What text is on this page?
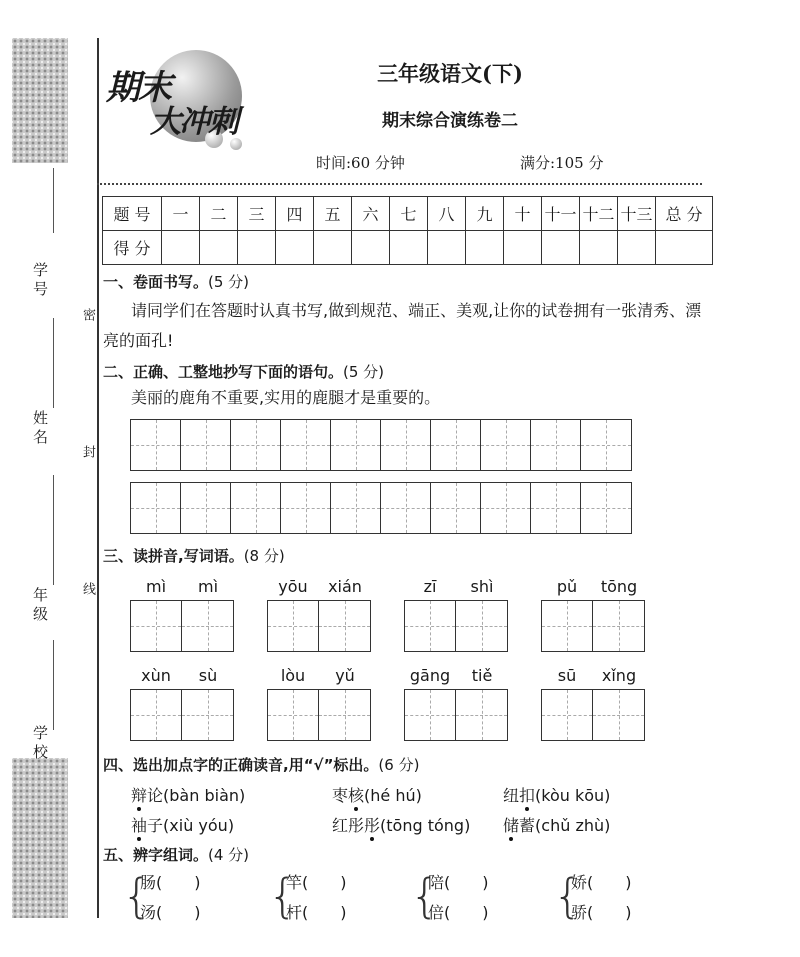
学号
姓名
年级
学校
密
封
线
期末
大冲刺
三年级语文(下)
期末综合演练卷二
时间:60 分钟	满分:105 分
题 号	一	二	三	四	五	六	七	八	九	十	十一	十二	十三	总 分
得 分														
一、卷面书写。(5 分)
请同学们在答题时认真书写,做到规范、端正、美观,让你的试卷拥有一张清秀、漂亮的面孔!
二、正确、工整地抄写下面的语句。(5 分)
美丽的鹿角不重要,实用的鹿腿才是重要的。
三、读拼音,写词语。(8 分)
mì	mì	yōu	xián	zī	shì	pǔ	tōng
xùn	sù	lòu	yǔ	gāng	tiě	sū	xǐng
四、选出加点字的正确读音,用“√”标出。(6 分)
辩论(bàn biàn)	枣核(hé hú)	纽扣(kòu kōu)
袖子(xiù yóu)	红彤彤(tōng tóng) 储蓄(chǔ zhù)
五、辨字组词。(4 分)
{
肠(　　)
汤(　　) {
竿(　　)
杆(　　) {
陪(　　)
倍(　　) {
娇(　　)
骄(　　)
